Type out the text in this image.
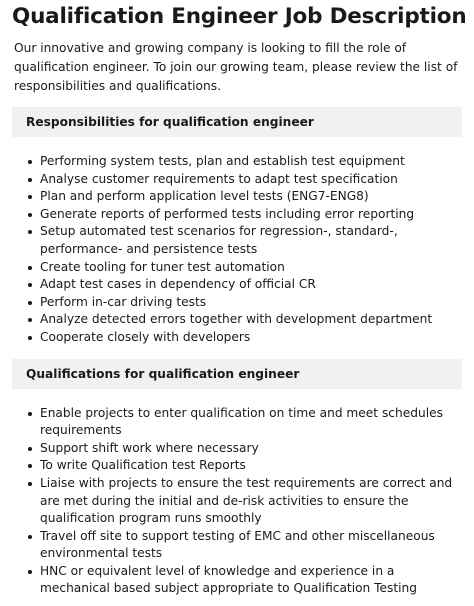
Qualification Engineer Job Description

Our innovative and growing company is looking to fill the role of qualification engineer. To join our growing team, please review the list of responsibilities and qualifications.

Responsibilities for qualification engineer
Performing system tests, plan and establish test equipment
Analyse customer requirements to adapt test specification
Plan and perform application level tests (ENG7-ENG8)
Generate reports of performed tests including error reporting
Setup automated test scenarios for regression-, standard-, performance- and persistence tests
Create tooling for tuner test automation
Adapt test cases in dependency of official CR
Perform in-car driving tests
Analyze detected errors together with development department
Cooperate closely with developers
Qualifications for qualification engineer
Enable projects to enter qualification on time and meet schedules requirements
Support shift work where necessary
To write Qualification test Reports
Liaise with projects to ensure the test requirements are correct and are met during the initial and de-risk activities to ensure the qualification program runs smoothly
Travel off site to support testing of EMC and other miscellaneous environmental tests
HNC or equivalent level of knowledge and experience in a mechanical based subject appropriate to Qualification Testing
